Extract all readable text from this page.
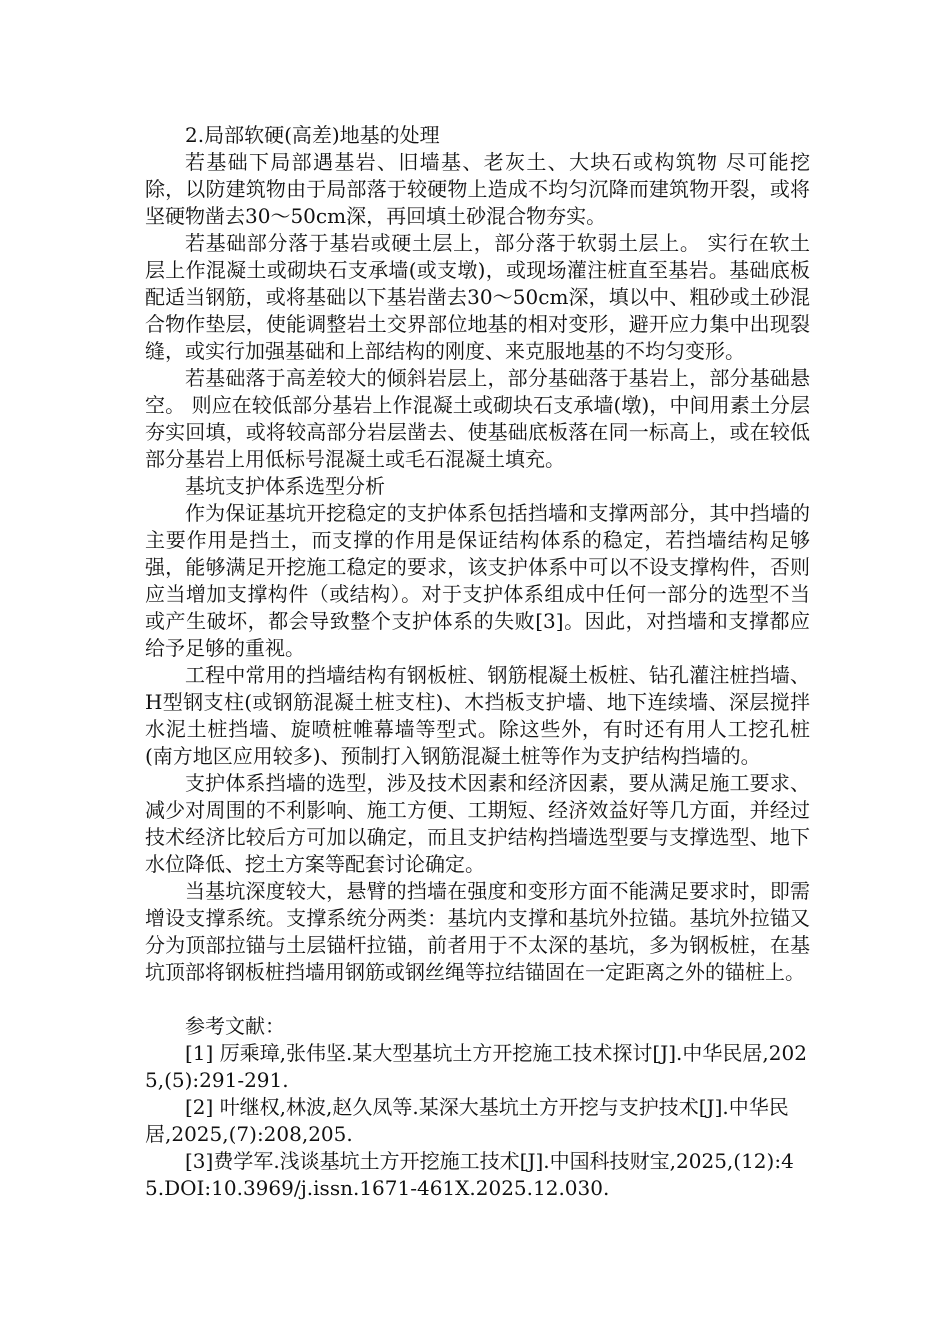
2.局部软硬(高差)地基的处理

若基础下局部遇基岩、旧墙基、老灰土、大块石或构筑物 尽可能挖除，以防建筑物由于局部落于较硬物上造成不均匀沉降而建筑物开裂，或将坚硬物凿去30～50cm深，再回填土砂混合物夯实。

若基础部分落于基岩或硬土层上，部分落于软弱土层上。 实行在软土层上作混凝土或砌块石支承墙(或支墩)，或现场灌注桩直至基岩。基础底板配适当钢筋，或将基础以下基岩凿去30～50cm深，填以中、粗砂或土砂混合物作垫层，使能调整岩土交界部位地基的相对变形，避开应力集中出现裂缝，或实行加强基础和上部结构的刚度、来克服地基的不均匀变形。

若基础落于高差较大的倾斜岩层上，部分基础落于基岩上，部分基础悬空。 则应在较低部分基岩上作混凝土或砌块石支承墙(墩)，中间用素土分层夯实回填，或将较高部分岩层凿去、使基础底板落在同一标高上，或在较低部分基岩上用低标号混凝土或毛石混凝土填充。

基坑支护体系选型分析

作为保证基坑开挖稳定的支护体系包括挡墙和支撑两部分，其中挡墙的主要作用是挡土，而支撑的作用是保证结构体系的稳定，若挡墙结构足够强，能够满足开挖施工稳定的要求，该支护体系中可以不设支撑构件，否则应当增加支撑构件（或结构）。对于支护体系组成中任何一部分的选型不当或产生破坏，都会导致整个支护体系的失败[3]。因此，对挡墙和支撑都应给予足够的重视。

工程中常用的挡墙结构有钢板桩、钢筋棍凝土板桩、钻孔灌注桩挡墙、H型钢支柱(或钢筋混凝土桩支柱)、木挡板支护墙、地下连续墙、深层搅拌水泥土桩挡墙、旋喷桩帷幕墙等型式。除这些外，有时还有用人工挖孔桩(南方地区应用较多)、预制打入钢筋混凝土桩等作为支护结构挡墙的。

支护体系挡墙的选型，涉及技术因素和经济因素，要从满足施工要求、减少对周围的不利影响、施工方便、工期短、经济效益好等几方面，并经过技术经济比较后方可加以确定，而且支护结构挡墙选型要与支撑选型、地下水位降低、挖土方案等配套讨论确定。

当基坑深度较大，悬臂的挡墙在强度和变形方面不能满足要求时，即需增设支撑系统。支撑系统分两类：基坑内支撑和基坑外拉锚。基坑外拉锚又分为顶部拉锚与土层锚杆拉锚，前者用于不太深的基坑，多为钢板桩，在基坑顶部将钢板桩挡墙用钢筋或钢丝绳等拉结锚固在一定距离之外的锚桩上。

参考文献：

[1] 厉乘璋,张伟坚.某大型基坑土方开挖施工技术探讨[J].中华民居,2025,(5):291-291.

[2] 叶继权,林波,赵久凤等.某深大基坑土方开挖与支护技术[J].中华民居,2025,(7):208,205.

[3]费学军.浅谈基坑土方开挖施工技术[J].中国科技财宝,2025,(12):45.DOI:10.3969/j.issn.1671-461X.2025.12.030.
